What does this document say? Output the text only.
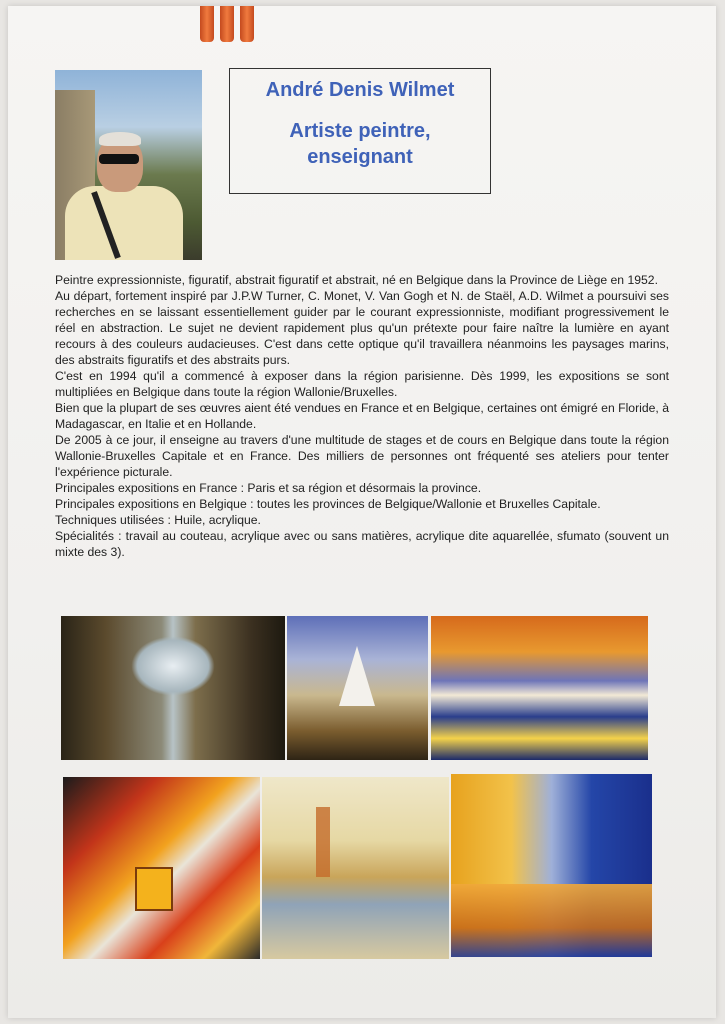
André Denis Wilmet
Artiste peintre, enseignant

Peintre expressionniste, figuratif, abstrait figuratif et abstrait, né en Belgique dans la Province de Liège en 1952.

Au départ, fortement inspiré par J.P.W Turner, C. Monet, V. Van Gogh et N. de Staël, A.D. Wilmet a poursuivi ses recherches en se laissant essentiellement guider par le courant expressionniste, modifiant progressivement le réel en abstraction. Le sujet ne devient rapidement plus qu'un prétexte pour faire naître la lumière en ayant recours à des couleurs audacieuses. C'est dans cette optique qu'il travaillera néanmoins les paysages marins, des abstraits figuratifs et des abstraits purs.

C'est en 1994 qu'il a commencé à exposer dans la région parisienne. Dès 1999, les expositions se sont multipliées en Belgique dans toute la région Wallonie/Bruxelles.

Bien que la plupart de ses œuvres aient été vendues en France et en Belgique, certaines ont émigré en Floride, à Madagascar, en Italie et en Hollande.

De 2005 à ce jour, il enseigne au travers d'une multitude de stages et de cours en Belgique dans toute la région Wallonie-Bruxelles Capitale et en France. Des milliers de personnes ont fréquenté ses ateliers pour tenter l'expérience picturale.

Principales expositions en France : Paris et sa région et désormais la province.

Principales expositions en Belgique : toutes les provinces de Belgique/Wallonie et Bruxelles Capitale.

Techniques utilisées : Huile, acrylique.

Spécialités : travail au couteau, acrylique avec ou sans matières, acrylique dite aquarellée, sfumato (souvent un mixte des 3).
